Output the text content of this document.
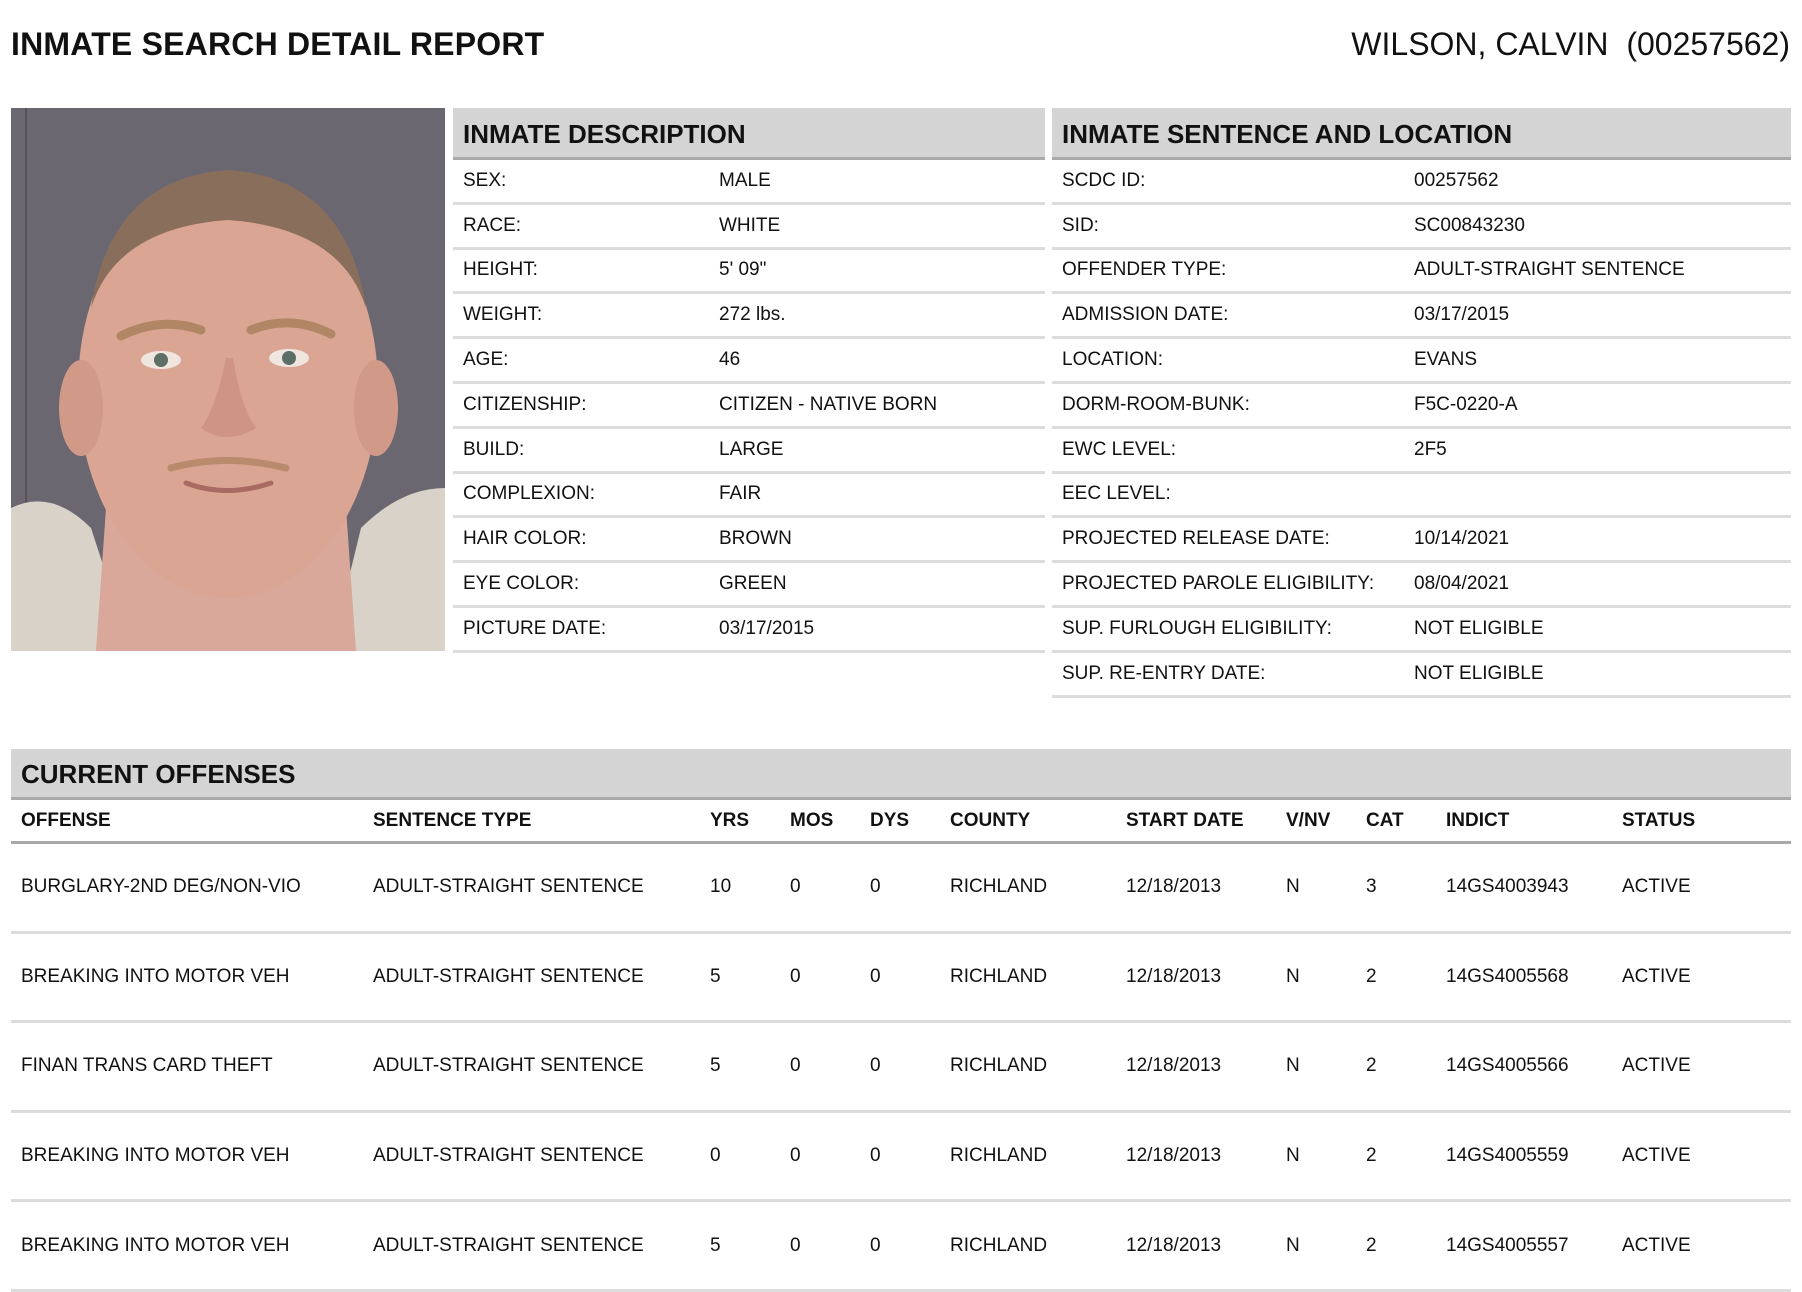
INMATE SEARCH DETAIL REPORT	WILSON, CALVIN (00257562)
INMATE DESCRIPTION
SEX:	MALE
RACE:	WHITE
HEIGHT:	5' 09"
WEIGHT:	272 lbs.
AGE:	46
CITIZENSHIP:	CITIZEN - NATIVE BORN
BUILD:	LARGE
COMPLEXION:	FAIR
HAIR COLOR:	BROWN
EYE COLOR:	GREEN
PICTURE DATE:	03/17/2015
INMATE SENTENCE AND LOCATION
SCDC ID:	00257562
SID:	SC00843230
OFFENDER TYPE:	ADULT-STRAIGHT SENTENCE
ADMISSION DATE:	03/17/2015
LOCATION:	EVANS
DORM-ROOM-BUNK:	F5C-0220-A
EWC LEVEL:	2F5
EEC LEVEL:
PROJECTED RELEASE DATE:	10/14/2021
PROJECTED PAROLE ELIGIBILITY:	08/04/2021
SUP. FURLOUGH ELIGIBILITY:	NOT ELIGIBLE
SUP. RE-ENTRY DATE:	NOT ELIGIBLE
CURRENT OFFENSES
OFFENSE	SENTENCE TYPE	YRS	MOS	DYS	COUNTY	START DATE	V/NV	CAT	INDICT	STATUS
BURGLARY-2ND DEG/NON-VIO	ADULT-STRAIGHT SENTENCE	10	0	0	RICHLAND	12/18/2013	N	3	14GS4003943	ACTIVE
BREAKING INTO MOTOR VEH	ADULT-STRAIGHT SENTENCE	5	0	0	RICHLAND	12/18/2013	N	2	14GS4005568	ACTIVE
FINAN TRANS CARD THEFT	ADULT-STRAIGHT SENTENCE	5	0	0	RICHLAND	12/18/2013	N	2	14GS4005566	ACTIVE
BREAKING INTO MOTOR VEH	ADULT-STRAIGHT SENTENCE	0	0	0	RICHLAND	12/18/2013	N	2	14GS4005559	ACTIVE
BREAKING INTO MOTOR VEH	ADULT-STRAIGHT SENTENCE	5	0	0	RICHLAND	12/18/2013	N	2	14GS4005557	ACTIVE
